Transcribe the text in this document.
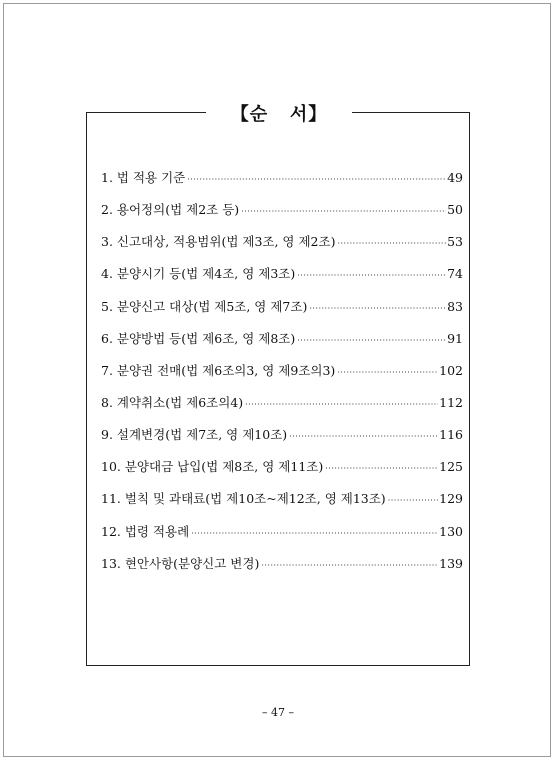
【순   서】
1. 법 적용 기준 ·····	49
2. 용어정의(법 제2조 등) ·····	50
3. 신고대상, 적용범위(법 제3조, 영 제2조) ·····	53
4. 분양시기 등(법 제4조, 영 제3조) ·····	74
5. 분양신고 대상(법 제5조, 영 제7조) ·····	83
6. 분양방법 등(법 제6조, 영 제8조) ·····	91
7. 분양권 전매(법 제6조의3, 영 제9조의3) ·····	102
8. 계약취소(법 제6조의4) ·····	112
9. 설계변경(법 제7조, 영 제10조) ·····	116
10. 분양대금 납입(법 제8조, 영 제11조) ·····	125
11. 벌칙 및 과태료(법 제10조~제12조, 영 제13조) ·····	129
12. 법령 적용례 ·····	130
13. 현안사항(분양신고 변경) ·····	139
– 47 –
